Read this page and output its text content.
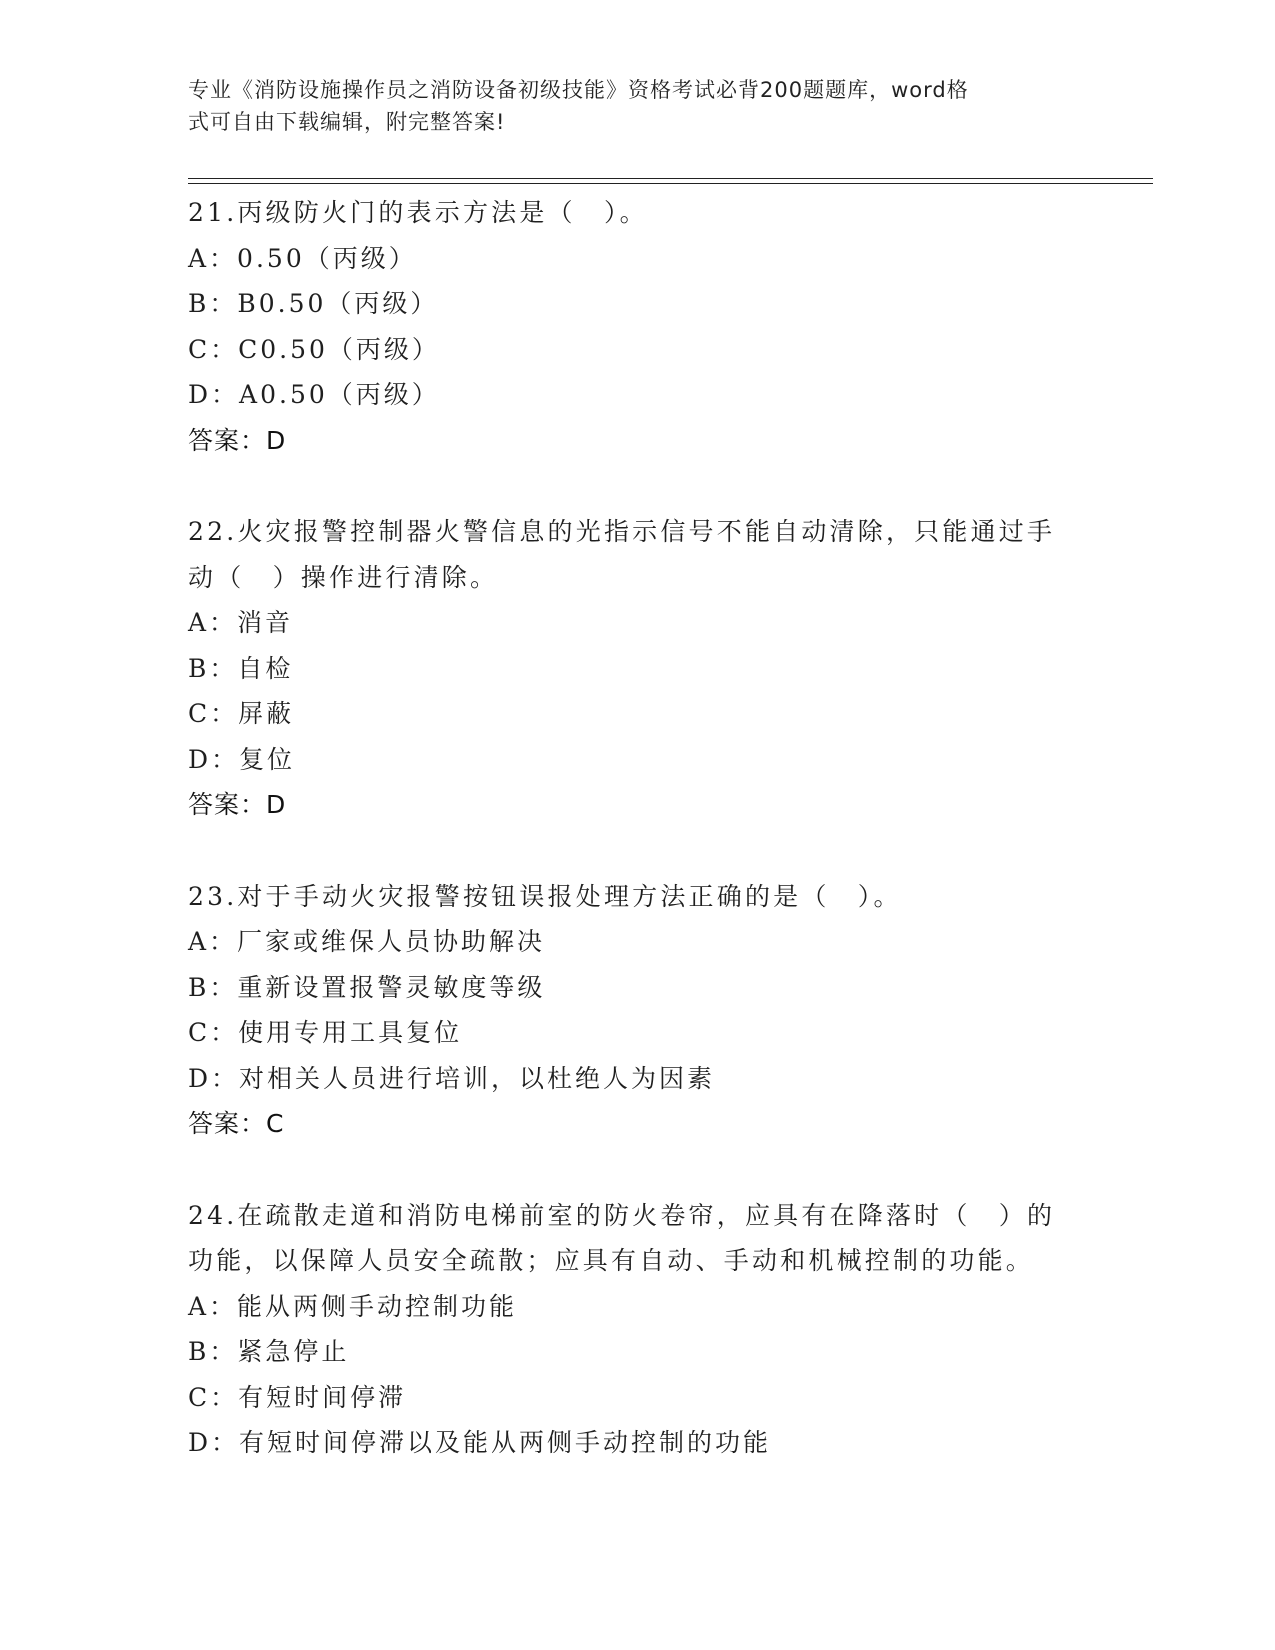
专业《消防设施操作员之消防设备初级技能》资格考试必背200题题库，word格
式可自由下载编辑，附完整答案!
21.丙级防火门的表示方法是（　）。
A：0.50（丙级）
B：B0.50（丙级）
C：C0.50（丙级）
D：A0.50（丙级）
答案：D
22.火灾报警控制器火警信息的光指示信号不能自动清除，只能通过手
动（　）操作进行清除。
A：消音
B：自检
C：屏蔽
D：复位
答案：D
23.对于手动火灾报警按钮误报处理方法正确的是（　）。
A：厂家或维保人员协助解决
B：重新设置报警灵敏度等级
C：使用专用工具复位
D：对相关人员进行培训，以杜绝人为因素
答案：C
24.在疏散走道和消防电梯前室的防火卷帘，应具有在降落时（　）的
功能，以保障人员安全疏散；应具有自动、手动和机械控制的功能。
A：能从两侧手动控制功能
B：紧急停止
C：有短时间停滞
D：有短时间停滞以及能从两侧手动控制的功能
